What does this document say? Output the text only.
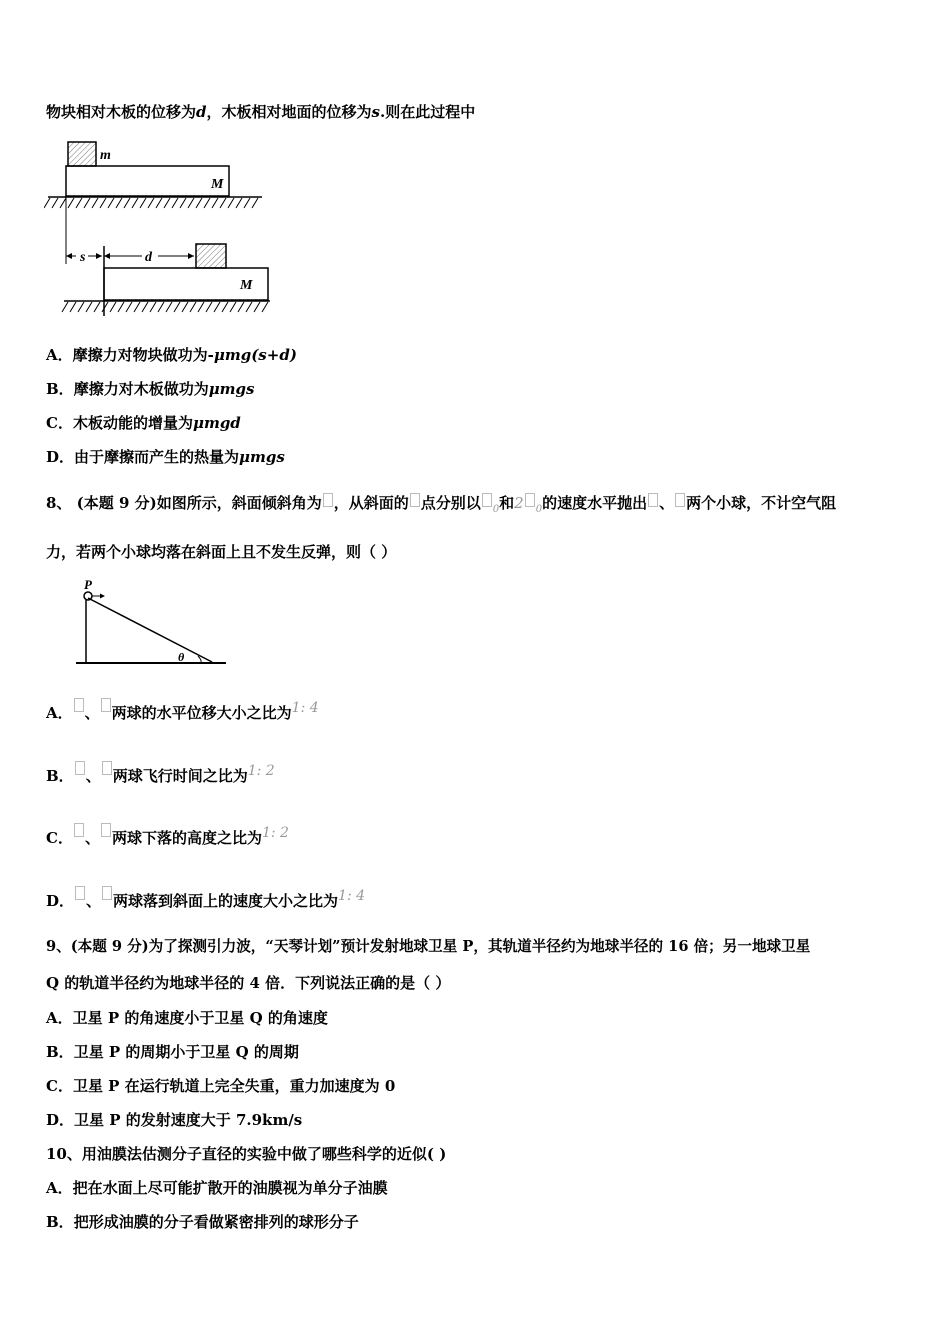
物块相对木板的位移为d，木板相对地面的位移为s.则在此过程中
m
M
s	d
M
A．摩擦力对物块做功为-μmg(s+d)
B．摩擦力对木板做功为μmgs
C．木板动能的增量为μmgd
D．由于摩擦而产生的热量为μmgs
8、 (本题 9 分)如图所示，斜面倾斜角为 ，从斜面的 点分别以 $_0$和2 $_0$的速度水平抛出 、 两个小球，不计空气阻
力，若两个小球均落在斜面上且不发生反弹，则（ ）
P
θ
A． 、 两球的水平位移大小之比为1: 4
B． 、 两球飞行时间之比为1: 2
C． 、 两球下落的高度之比为1: 2
D． 、 两球落到斜面上的速度大小之比为1: 4
9、(本题 9 分)为了探测引力波，“天琴计划”预计发射地球卫星 P，其轨道半径约为地球半径的 16 倍；另一地球卫星
Q 的轨道半径约为地球半径的 4 倍．下列说法正确的是（ ）
A．卫星 P 的角速度小于卫星 Q 的角速度
B．卫星 P 的周期小于卫星 Q 的周期
C．卫星 P 在运行轨道上完全失重，重力加速度为 0
D．卫星 P 的发射速度大于 7.9km/s
10、用油膜法估测分子直径的实验中做了哪些科学的近似( )
A．把在水面上尽可能扩散开的油膜视为单分子油膜
B．把形成油膜的分子看做紧密排列的球形分子
